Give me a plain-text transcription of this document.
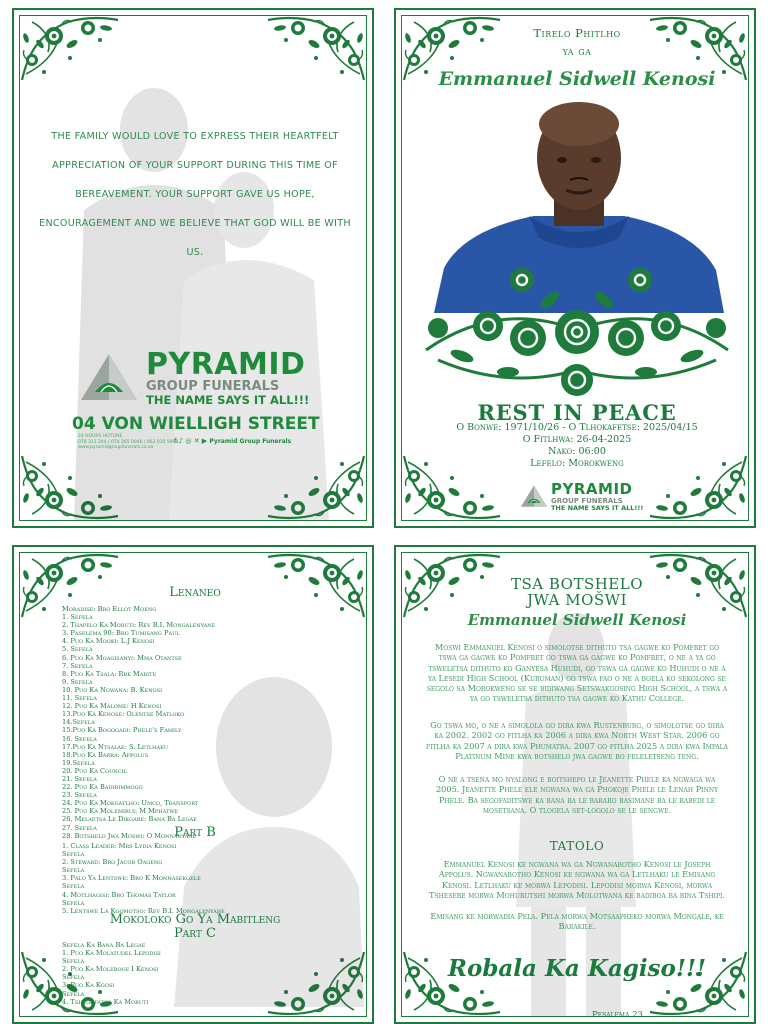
THE FAMILY WOULD LOVE TO EXPRESS THEIR HEARTFELT APPRECIATION OF YOUR SUPPORT DURING THIS TIME OF BEREAVEMENT. YOUR SUPPORT GAVE US HOPE, ENCOURAGEMENT AND WE BELIEVE THAT GOD WILL BE WITH US.
PYRAMID
GROUP FUNERALS
THE NAME SAYS IT ALL!!!
04 VON WIELLIGH STREET
24 HOURS HOTLINE
078 311 244 / 074 265 0046 / 062 035 5908
www.pyramidgroupfunerals.co.za
f ♪ ◎ ✕ ▶ Pyramid Group Funerals
Tirelo Phitlho
ya ga
Emmanuel Sidwell Kenosi
REST IN PEACE
O Bonwe: 1971/10/26 - O Tlhokafetse: 2025/04/15
O Fitlhwa: 26-04-2025
Nako: 06:00
Lefelo: Morokweng
PYRAMID
GROUP FUNERALS
THE NAME SAYS IT ALL!!!
Lenaneo
Moradise: Bro Ellot Moeng
1. Sefela
2. Thapelo Ka Moruti: Rev B.I. Mongalenyane
3. Paselema 90: Bro Tumisang Paul
4. Puo Ka Mooki: L.J Kenosi
5. Sefela
6. Puo Ka Moagisanyi: Mma Otantse
7. Sefela
8. Puo Ka Tsala: Rre Marite
9. Sefela
10. Puo Ka Ngwana: B. Kenosi
11. Sefela
12. Puo Ka Malome: H Kenosi
13.Puo Ka Kenose: Olentse Matloko
14.Sefela
15.Puo Ka Bogogadi: Phele's Family
16. Sefela
17.Puo Ka Ntsalae: S. Letlhaku
18.Puo Ka Barra: Appolus
19.Sefela
20. Puo Ka Council
21. Sefela
22. Puo Ka Badirimmogo
23. Sefela
24. Puo Ka Mokgatlho: Umco, Transport
25. Puo Ka Molemirui: M Mphatwe
26. Melaetsa Le Dikgare: Bana Ba Legae
27. Sefela
28. Botshelo Jwa Moswi: O Monnanyane
Part B
1. Class Leader: Mrs Lydia Kenosi
Sefela
2. Steward: Bro Jacob Oageng
Sefela
3. Palo Ya Lentswe: Bro K Monnasekgele
Sefela
4. Motlhagisi: Bro Thomas Taylor
Sefela
5. Lentswe La Kgomotso: Rev B.I. Mongalenyane
Mokoloko Go Ya Mabitleng
Part C
Sefela Ka Bana Ba Legae
1. Puo Ka Molatudel Lepodisi
Sefela
2. Puo Ka Moleboge I Kenosi
Sefela
3. Puo Ka Kgosi
Sefela
4. Tshegofatso Ka Moruti
TSA BOTSHELO
JWA MOŠWI
Emmanuel Sidwell Kenosi
Moswi Emmanuel Kenosi o simolotse dithuto tsa gagwe ko Pomfret go tswa ga gagwe ko Pomfret go tswa ga gagwe ko Pomfret, o ne a ya go tsweletsa dithuto ko Ganyesa Huhudi, go tswa ga gagwe ko Huhudi o ne a ya Lesedi High School (Kuruman) go tswa fao o ne a boela ko sekolong se segolo sa Morokweng se se bidiwang Setswakgosing High School, a tswa a ya go tsweletsa dithuto tsa gagwe ko Kathu College.
Go tswa mo, o ne a simolola go dira kwa Rustenburg, o simolotse go dira ka 2002. 2002 go fitlha ka 2006 a dira kwa North West Star. 2006 go fitlha ka 2007 a dira kwa Phumatra. 2007 go fitlha 2025 a dira kwa Impala Platinum Mine kwa botshelo jwa gagwe bo feleletseng teng.
O ne a tsena mo nyalong e boitshepo le Jeanette Phele ka ngwaga wa 2005. Jeanette Phele ele ngwana wa ga Phokoje Phele le Lenah Pinny Phele. Ba segofaditswe ka bana ba le bararo basimane ba le babedi le mosetsana. O tlogela set-logolo se le sengwe.
TATOLO
Emmanuel Kenosi ke ngwana wa ga Ngwanabotho Kenosi le Joseph Appolus. Ngwanabotho Kenosi ke ngwana wa ga Letlhaku le Emisang Kenosi. Letlhaku ke morwa Lepodisi. Lepodisi morwa Kenosi, morwa Tshesebe morwa Mohurutshi morwa Molotwana ke badiboa ba bina Tshipi.
Emisang ke morwadia Pela. Pela morwa Motsaapheko morwa Mongale, ke Barakile.
Robala Ka Kagiso!!!
Pesalema 23
